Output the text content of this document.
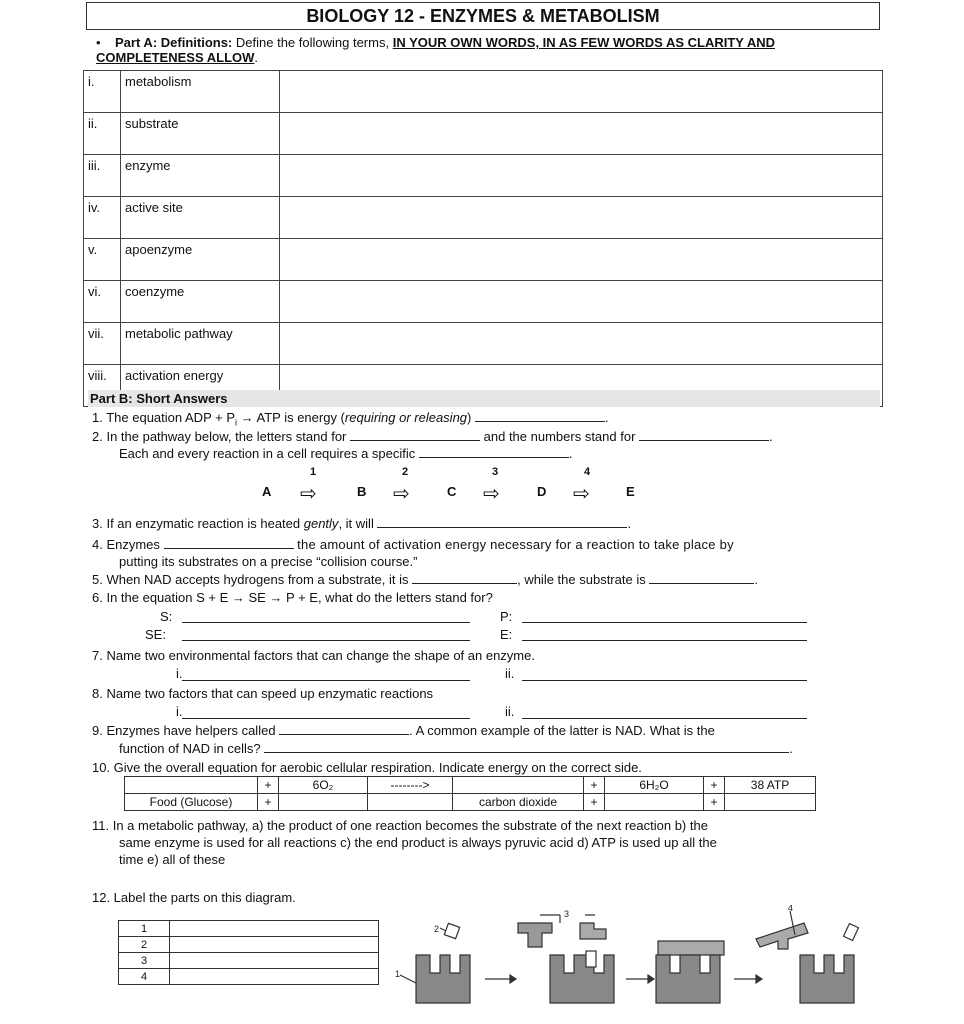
BIOLOGY 12 - ENZYMES & METABOLISM
• Part A: Definitions: Define the following terms, IN YOUR OWN WORDS, IN AS FEW WORDS AS CLARITY AND COMPLETENESS ALLOW.
i.	metabolism	
ii.	substrate	
iii.	enzyme	
iv.	active site	
v.	apoenzyme	
vi.	coenzyme	
vii.	metabolic pathway	
viii.	activation energy	
Part B: Short Answers
1. The equation ADP + $P_i$ → ATP is energy (requiring or releasing)	.
2. In the pathway below, the letters stand for	and the numbers stand for	.
Each and every reaction in a cell requires a specific	.
A	B	C	D	E
1	2	3	4
⇨	⇨	⇨	⇨
3. If an enzymatic reaction is heated gently, it will	.
4. Enzymes	the amount of activation energy necessary for a reaction to take place by
putting its substrates on a precise “collision course.”
5. When NAD accepts hydrogens from a substrate, it is	, while the substrate is	.
6. In the equation S + E → SE → P + E, what do the letters stand for?
S:
SE:
P:
E:
7. Name two environmental factors that can change the shape of an enzyme.
i.	ii.
8. Name two factors that can speed up enzymatic reactions
i.	ii.
9. Enzymes have helpers called	. A common example of the latter is NAD. What is the
function of NAD in cells?	.
10. Give the overall equation for aerobic cellular respiration. Indicate energy on the correct side.
	+	6O₂	-------->		+	6H₂O	+	38 ATP
Food (Glucose)	+			carbon dioxide	+		+	
11. In a metabolic pathway, a) the product of one reaction becomes the substrate of the next reaction b) the
same enzyme is used for all reactions c) the end product is always pyruvic acid d) ATP is used up all the
time e) all of these
12. Label the parts on this diagram.
1	
2	
3	
4	
2
1
3
4
